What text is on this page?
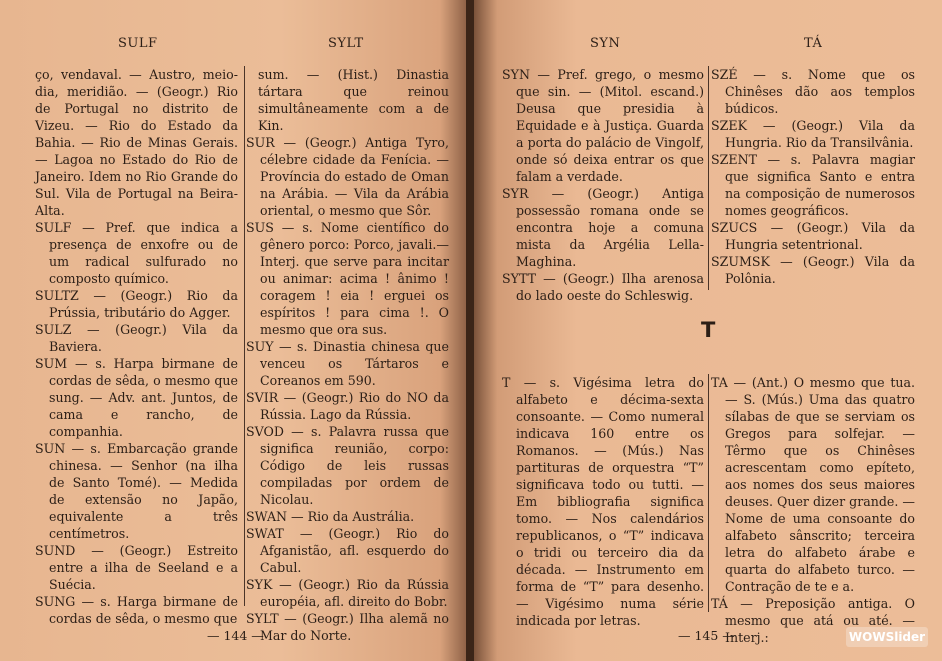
SULF	SYLT

ço, vendaval. — Austro, meio-dia, meridião. — (Geogr.) Rio de Portugal no distrito de Vizeu. — Rio do Estado da Bahia. — Rio de Minas Gerais. — Lagoa no Estado do Rio de Janeiro. Idem no Rio Grande do Sul. Vila de Portugal na Beira-Alta.

SULF — Pref. que indica a presença de enxofre ou de um radical sulfurado no composto químico.

SULTZ — (Geogr.) Rio da Prússia, tributário do Agger.

SULZ — (Geogr.) Vila da Baviera.

SUM — s. Harpa birmane de cordas de sêda, o mesmo que sung. — Adv. ant. Juntos, de cama e rancho, de companhia.

SUN — s. Embarcação grande chinesa. — Senhor (na ilha de Santo Tomé). — Medida de extensão no Japão, equivalente a três centímetros.

SUND — (Geogr.) Estreito entre a ilha de Seeland e a Suécia.

SUNG — s. Harga birmane de cordas de sêda, o mesmo que

sum. — (Hist.) Dinastia tártara que reinou simultâneamente com a de Kin.

SUR — (Geogr.) Antiga Tyro, célebre cidade da Fenícia. — Província do estado de Oman na Arábia. — Vila da Arábia oriental, o mesmo que Sôr.

SUS — s. Nome científico do gênero porco: Porco, javali.— Interj. que serve para incitar ou animar: acima ! ânimo ! coragem ! eia ! erguei os espíritos ! para cima !. O mesmo que ora sus.

SUY — s. Dinastia chinesa que venceu os Tártaros e Coreanos em 590.

SVIR — (Geogr.) Rio do NO da Rússia. Lago da Rússia.

SVOD — s. Palavra russa que significa reunião, corpo: Código de leis russas compiladas por ordem de Nicolau.

SWAN — Rio da Austrália.

SWAT — (Geogr.) Rio do Afganistão, afl. esquerdo do Cabul.

SYK — (Geogr.) Rio da Rússia européia, afl. direito do Bobr.

SYLT — (Geogr.) Ilha alemã no Mar do Norte.

— 144 —
SYN	TÁ

SYN — Pref. grego, o mesmo que sin. — (Mitol. escand.) Deusa que presidia à Equidade e à Justiça. Guarda a porta do palácio de Vingolf, onde só deixa entrar os que falam a verdade.

SYR — (Geogr.) Antiga possessão romana onde se encontra hoje a comuna mista da Argélia Lella-Maghina.

SYTT — (Geogr.) Ilha arenosa do lado oeste do Schleswig.

SZÉ — s. Nome que os Chinêses dão aos templos búdicos.

SZEK — (Geogr.) Vila da Hungria. Rio da Transilvânia.

SZENT — s. Palavra magiar que significa Santo e entra na composição de numerosos nomes geográficos.

SZUCS — (Geogr.) Vila da Hungria setentrional.

SZUMSK — (Geogr.) Vila da Polônia.

T

T — s. Vigésima letra do alfabeto e décima-sexta consoante. — Como numeral indicava 160 entre os Romanos. — (Mús.) Nas partituras de orquestra “T” significava todo ou tutti. — Em bibliografia significa tomo. — Nos calendários republicanos, o “T” indicava o tridi ou terceiro dia da década. — Instrumento em forma de “T” para desenho. — Vigésimo numa série indicada por letras.

TA — (Ant.) O mesmo que tua. — S. (Mús.) Uma das quatro sílabas de que se serviam os Gregos para solfejar. — Têrmo que os Chinêses acrescentam como epíteto, aos nomes dos seus maiores deuses. Quer dizer grande. — Nome de uma consoante do alfabeto sânscrito; terceira letra do alfabeto árabe e quarta do alfabeto turco. — Contração de te e a.

TÁ — Preposição antiga. O mesmo que atá ou até. — Interj.:

— 145 —	WOWSlider
